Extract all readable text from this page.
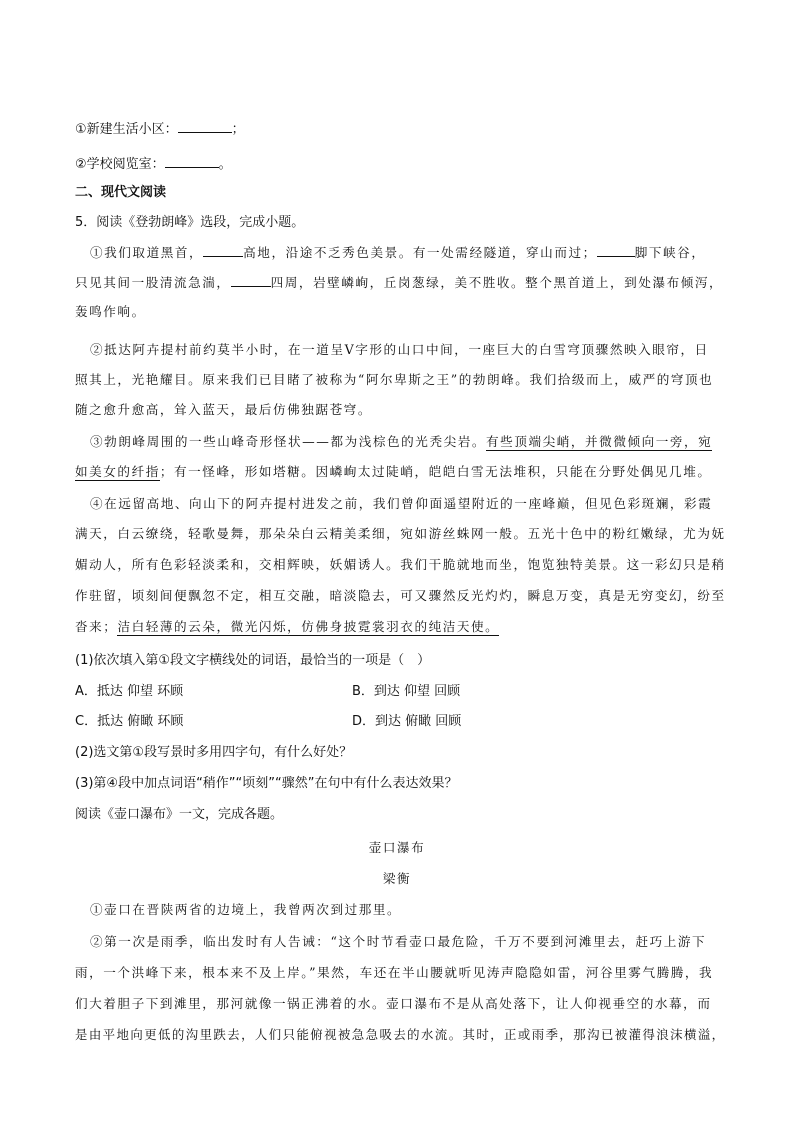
①新建生活小区：	；
②学校阅览室：	。
二、现代文阅读
5．阅读《登勃朗峰》选段，完成小题。
①我们取道黑首，	高地，沿途不乏秀色美景。有一处需经隧道，穿山而过；	脚下峡谷，
只见其间一股清流急湍，	四周，岩壁嶙峋，丘岗葱绿，美不胜收。整个黑首道上，到处瀑布倾泻，
轰鸣作响。
②抵达阿卉提村前约莫半小时，在一道呈V字形的山口中间，一座巨大的白雪穹顶骤然映入眼帘，日
照其上，光艳耀目。原来我们已目睹了被称为“阿尔卑斯之王”的勃朗峰。我们拾级而上，威严的穹顶也
随之愈升愈高，耸入蓝天，最后仿佛独踞苍穹。
③勃朗峰周围的一些山峰奇形怪状——都为浅棕色的光秃尖岩。有些顶端尖峭，并微微倾向一旁，宛
如美女的纤指；有一怪峰，形如塔糖。因嶙峋太过陡峭，皑皑白雪无法堆积，只能在分野处偶见几堆。
④在远留高地、向山下的阿卉提村进发之前，我们曾仰面遥望附近的一座峰巅，但见色彩斑斓，彩霞
满天，白云缭绕，轻歌曼舞，那朵朵白云精美柔细，宛如游丝蛛网一般。五光十色中的粉红嫩绿，尤为妩
媚动人，所有色彩轻淡柔和，交相辉映，妖媚诱人。我们干脆就地而坐，饱览独特美景。这一彩幻只是稍
作驻留，顷刻间便飘忽不定，相互交融，暗淡隐去，可又骤然反光灼灼，瞬息万变，真是无穷变幻，纷至
沓来；洁白轻薄的云朵，微光闪烁，仿佛身披霓裳羽衣的纯洁天使。
(1)依次填入第①段文字横线处的词语，最恰当的一项是（　）
A．抵达 仰望 环顾	B．到达 仰望 回顾
C．抵达 俯瞰 环顾	D．到达 俯瞰 回顾
(2)选文第①段写景时多用四字句，有什么好处？
(3)第④段中加点词语“稍作”“顷刻”“骤然”在句中有什么表达效果？
阅读《壶口瀑布》一文，完成各题。
壶口瀑布
梁衡
①壶口在晋陕两省的边境上，我曾两次到过那里。
②第一次是雨季，临出发时有人告诫：“这个时节看壶口最危险，千万不要到河滩里去，赶巧上游下
雨，一个洪峰下来，根本来不及上岸。”果然，车还在半山腰就听见涛声隐隐如雷，河谷里雾气腾腾，我
们大着胆子下到滩里，那河就像一锅正沸着的水。壶口瀑布不是从高处落下，让人仰视垂空的水幕，而
是由平地向更低的沟里跌去，人们只能俯视被急急吸去的水流。其时，正或雨季，那沟已被灌得浪沫横溢，
